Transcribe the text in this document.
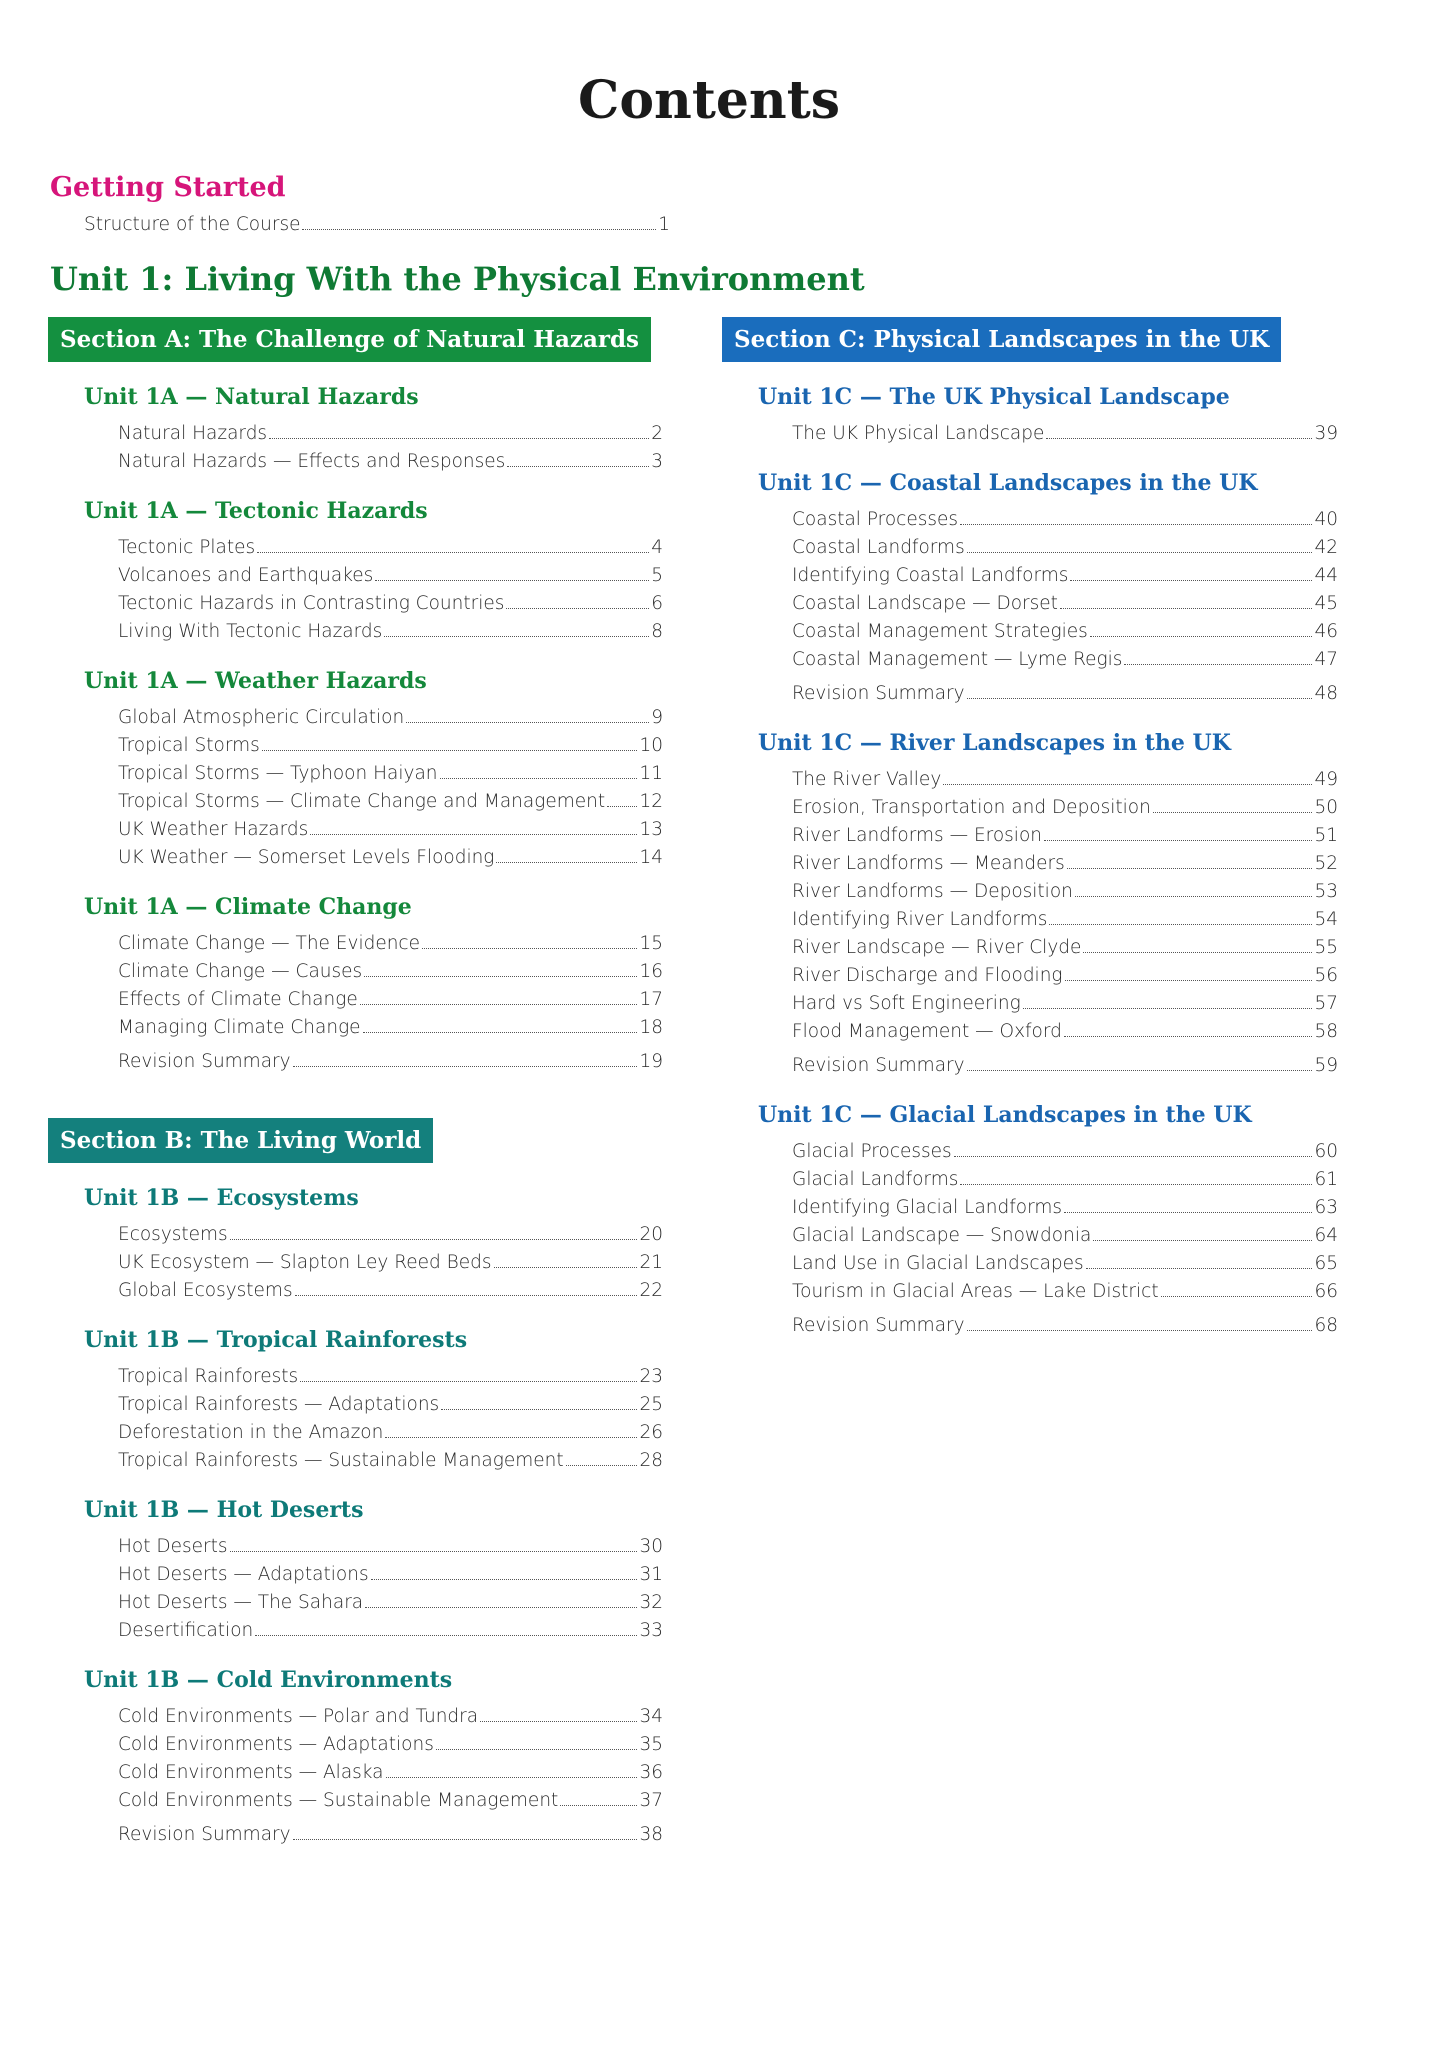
Contents
Getting Started
Structure of the Course	1
Unit 1: Living With the Physical Environment
Section A: The Challenge of Natural Hazards
Unit 1A — Natural Hazards
Natural Hazards	2
Natural Hazards — Effects and Responses	3
Unit 1A — Tectonic Hazards
Tectonic Plates	4
Volcanoes and Earthquakes	5
Tectonic Hazards in Contrasting Countries	6
Living With Tectonic Hazards	8
Unit 1A — Weather Hazards
Global Atmospheric Circulation	9
Tropical Storms	10
Tropical Storms — Typhoon Haiyan	11
Tropical Storms — Climate Change and Management 12
UK Weather Hazards	13
UK Weather — Somerset Levels Flooding	14
Unit 1A — Climate Change
Climate Change — The Evidence	15
Climate Change — Causes	16
Effects of Climate Change	17
Managing Climate Change	18
Revision Summary	19
Section B: The Living World
Unit 1B — Ecosystems
Ecosystems	20
UK Ecosystem — Slapton Ley Reed Beds	21
Global Ecosystems	22
Unit 1B — Tropical Rainforests
Tropical Rainforests	23
Tropical Rainforests — Adaptations	25
Deforestation in the Amazon	26
Tropical Rainforests — Sustainable Management	28
Unit 1B — Hot Deserts
Hot Deserts	30
Hot Deserts — Adaptations	31
Hot Deserts — The Sahara	32
Desertification	33
Unit 1B — Cold Environments
Cold Environments — Polar and Tundra	34
Cold Environments — Adaptations	35
Cold Environments — Alaska	36
Cold Environments — Sustainable Management	37
Revision Summary	38
Section C: Physical Landscapes in the UK
Unit 1C — The UK Physical Landscape
The UK Physical Landscape	39
Unit 1C — Coastal Landscapes in the UK
Coastal Processes	40
Coastal Landforms	42
Identifying Coastal Landforms	44
Coastal Landscape — Dorset	45
Coastal Management Strategies	46
Coastal Management — Lyme Regis	47
Revision Summary	48
Unit 1C — River Landscapes in the UK
The River Valley	49
Erosion, Transportation and Deposition	50
River Landforms — Erosion	51
River Landforms — Meanders	52
River Landforms — Deposition	53
Identifying River Landforms	54
River Landscape — River Clyde	55
River Discharge and Flooding	56
Hard vs Soft Engineering	57
Flood Management — Oxford	58
Revision Summary	59
Unit 1C — Glacial Landscapes in the UK
Glacial Processes	60
Glacial Landforms	61
Identifying Glacial Landforms	63
Glacial Landscape — Snowdonia	64
Land Use in Glacial Landscapes	65
Tourism in Glacial Areas — Lake District	66
Revision Summary	68
